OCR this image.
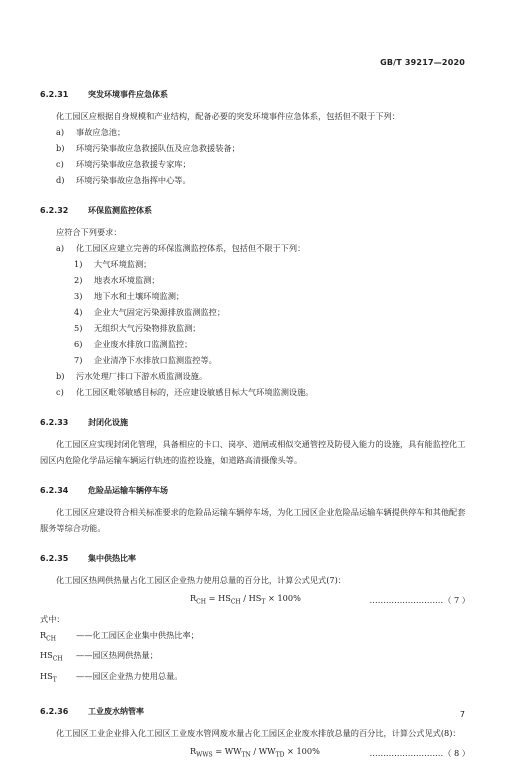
GB/T 39217—2020
6.2.31	突发环境事件应急体系
化工园区应根据自身规模和产业结构，配备必要的突发环境事件应急体系，包括但不限于下列：
a)	事故应急池；
b)	环境污染事故应急救援队伍及应急救援装备；
c)	环境污染事故应急救援专家库；
d)	环境污染事故应急指挥中心等。
6.2.32	环保监测监控体系
应符合下列要求：
a)	化工园区应建立完善的环保监测监控体系，包括但不限于下列：
1)	大气环境监测；
2)	地表水环境监测；
3)	地下水和土壤环境监测；
4)	企业大气固定污染源排放监测监控；
5)	无组织大气污染物排放监测；
6)	企业废水排放口监测监控；
7)	企业清净下水排放口监测监控等。
b)	污水处理厂排口下游水质监测设施。
c)	化工园区毗邻敏感目标的，还应建设敏感目标大气环境监测设施。
6.2.33	封闭化设施
化工园区应实现封闭化管理，具备相应的卡口、岗亭、道闸或相似交通管控及防侵入能力的设施，具有能监控化工园区内危险化学品运输车辆运行轨迹的监控设施，如道路高清摄像头等。
6.2.34	危险品运输车辆停车场
化工园区应建设符合相关标准要求的危险品运输车辆停车场，为化工园区企业危险品运输车辆提供停车和其他配套服务等综合功能。
6.2.35	集中供热比率
化工园区热网供热量占化工园区企业热力使用总量的百分比，计算公式见式(7)：
$R_{CH} = HS_{CH} / HS_T \times 100\%$	………………………（ 7 ）
式中：
$R_{CH}$	——化工园区企业集中供热比率；
$HS_{CH}$	——园区热网供热量；
$HS_T$	——园区企业热力使用总量。
6.2.36	工业废水纳管率
化工园区工业企业排入化工园区工业废水管网废水量占化工园区企业废水排放总量的百分比，计算公式见式(8)：
$R_{WWS} = WW_{TN} / WW_{TD} \times 100\%$	………………………（ 8 ）
7
